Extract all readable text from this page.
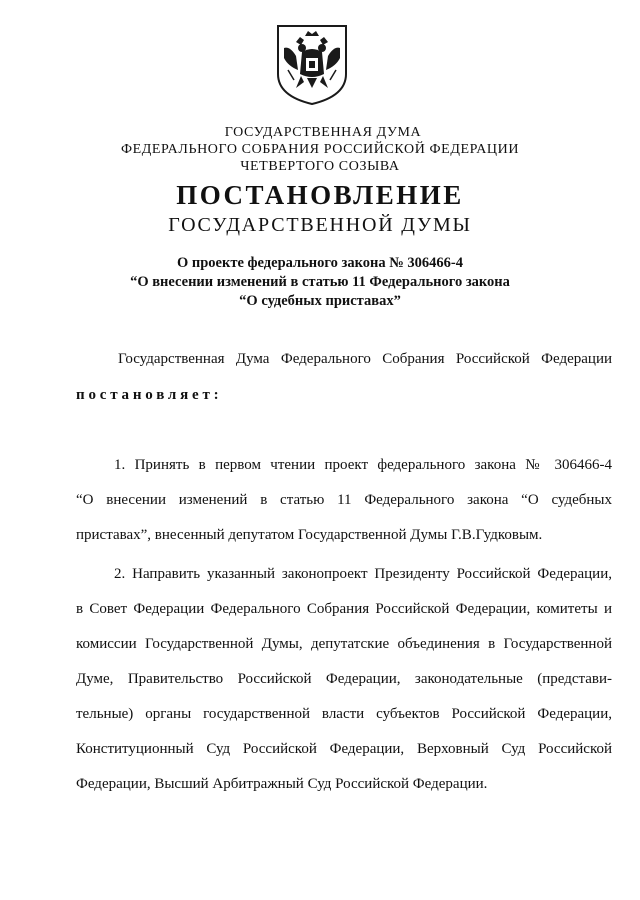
ГОСУДАРСТВЕННАЯ ДУМА
ФЕДЕРАЛЬНОГО СОБРАНИЯ РОССИЙСКОЙ ФЕДЕРАЦИИ
ЧЕТВЕРТОГО СОЗЫВА
ПОСТАНОВЛЕНИЕ
ГОСУДАРСТВЕННОЙ ДУМЫ
О проекте федерального закона № 306466-4
“О внесении изменений в статью 11 Федерального закона
“О судебных приставах”
Государственная Дума Федерального Собрания Российской Федерации
постановляет:
1. Принять в первом чтении проект федерального закона № 306466-4
“О внесении изменений в статью 11 Федерального закона “О судебных
приставах”, внесенный депутатом Государственной Думы Г.В.Гудковым.
2. Направить указанный законопроект Президенту Российской Федерации,
в Совет Федерации Федерального Собрания Российской Федерации, комитеты и
комиссии Государственной Думы, депутатские объединения в Государственной
Думе, Правительство Российской Федерации, законодательные (представи-
тельные) органы государственной власти субъектов Российской Федерации,
Конституционный Суд Российской Федерации, Верховный Суд Российской
Федерации, Высший Арбитражный Суд Российской Федерации.
